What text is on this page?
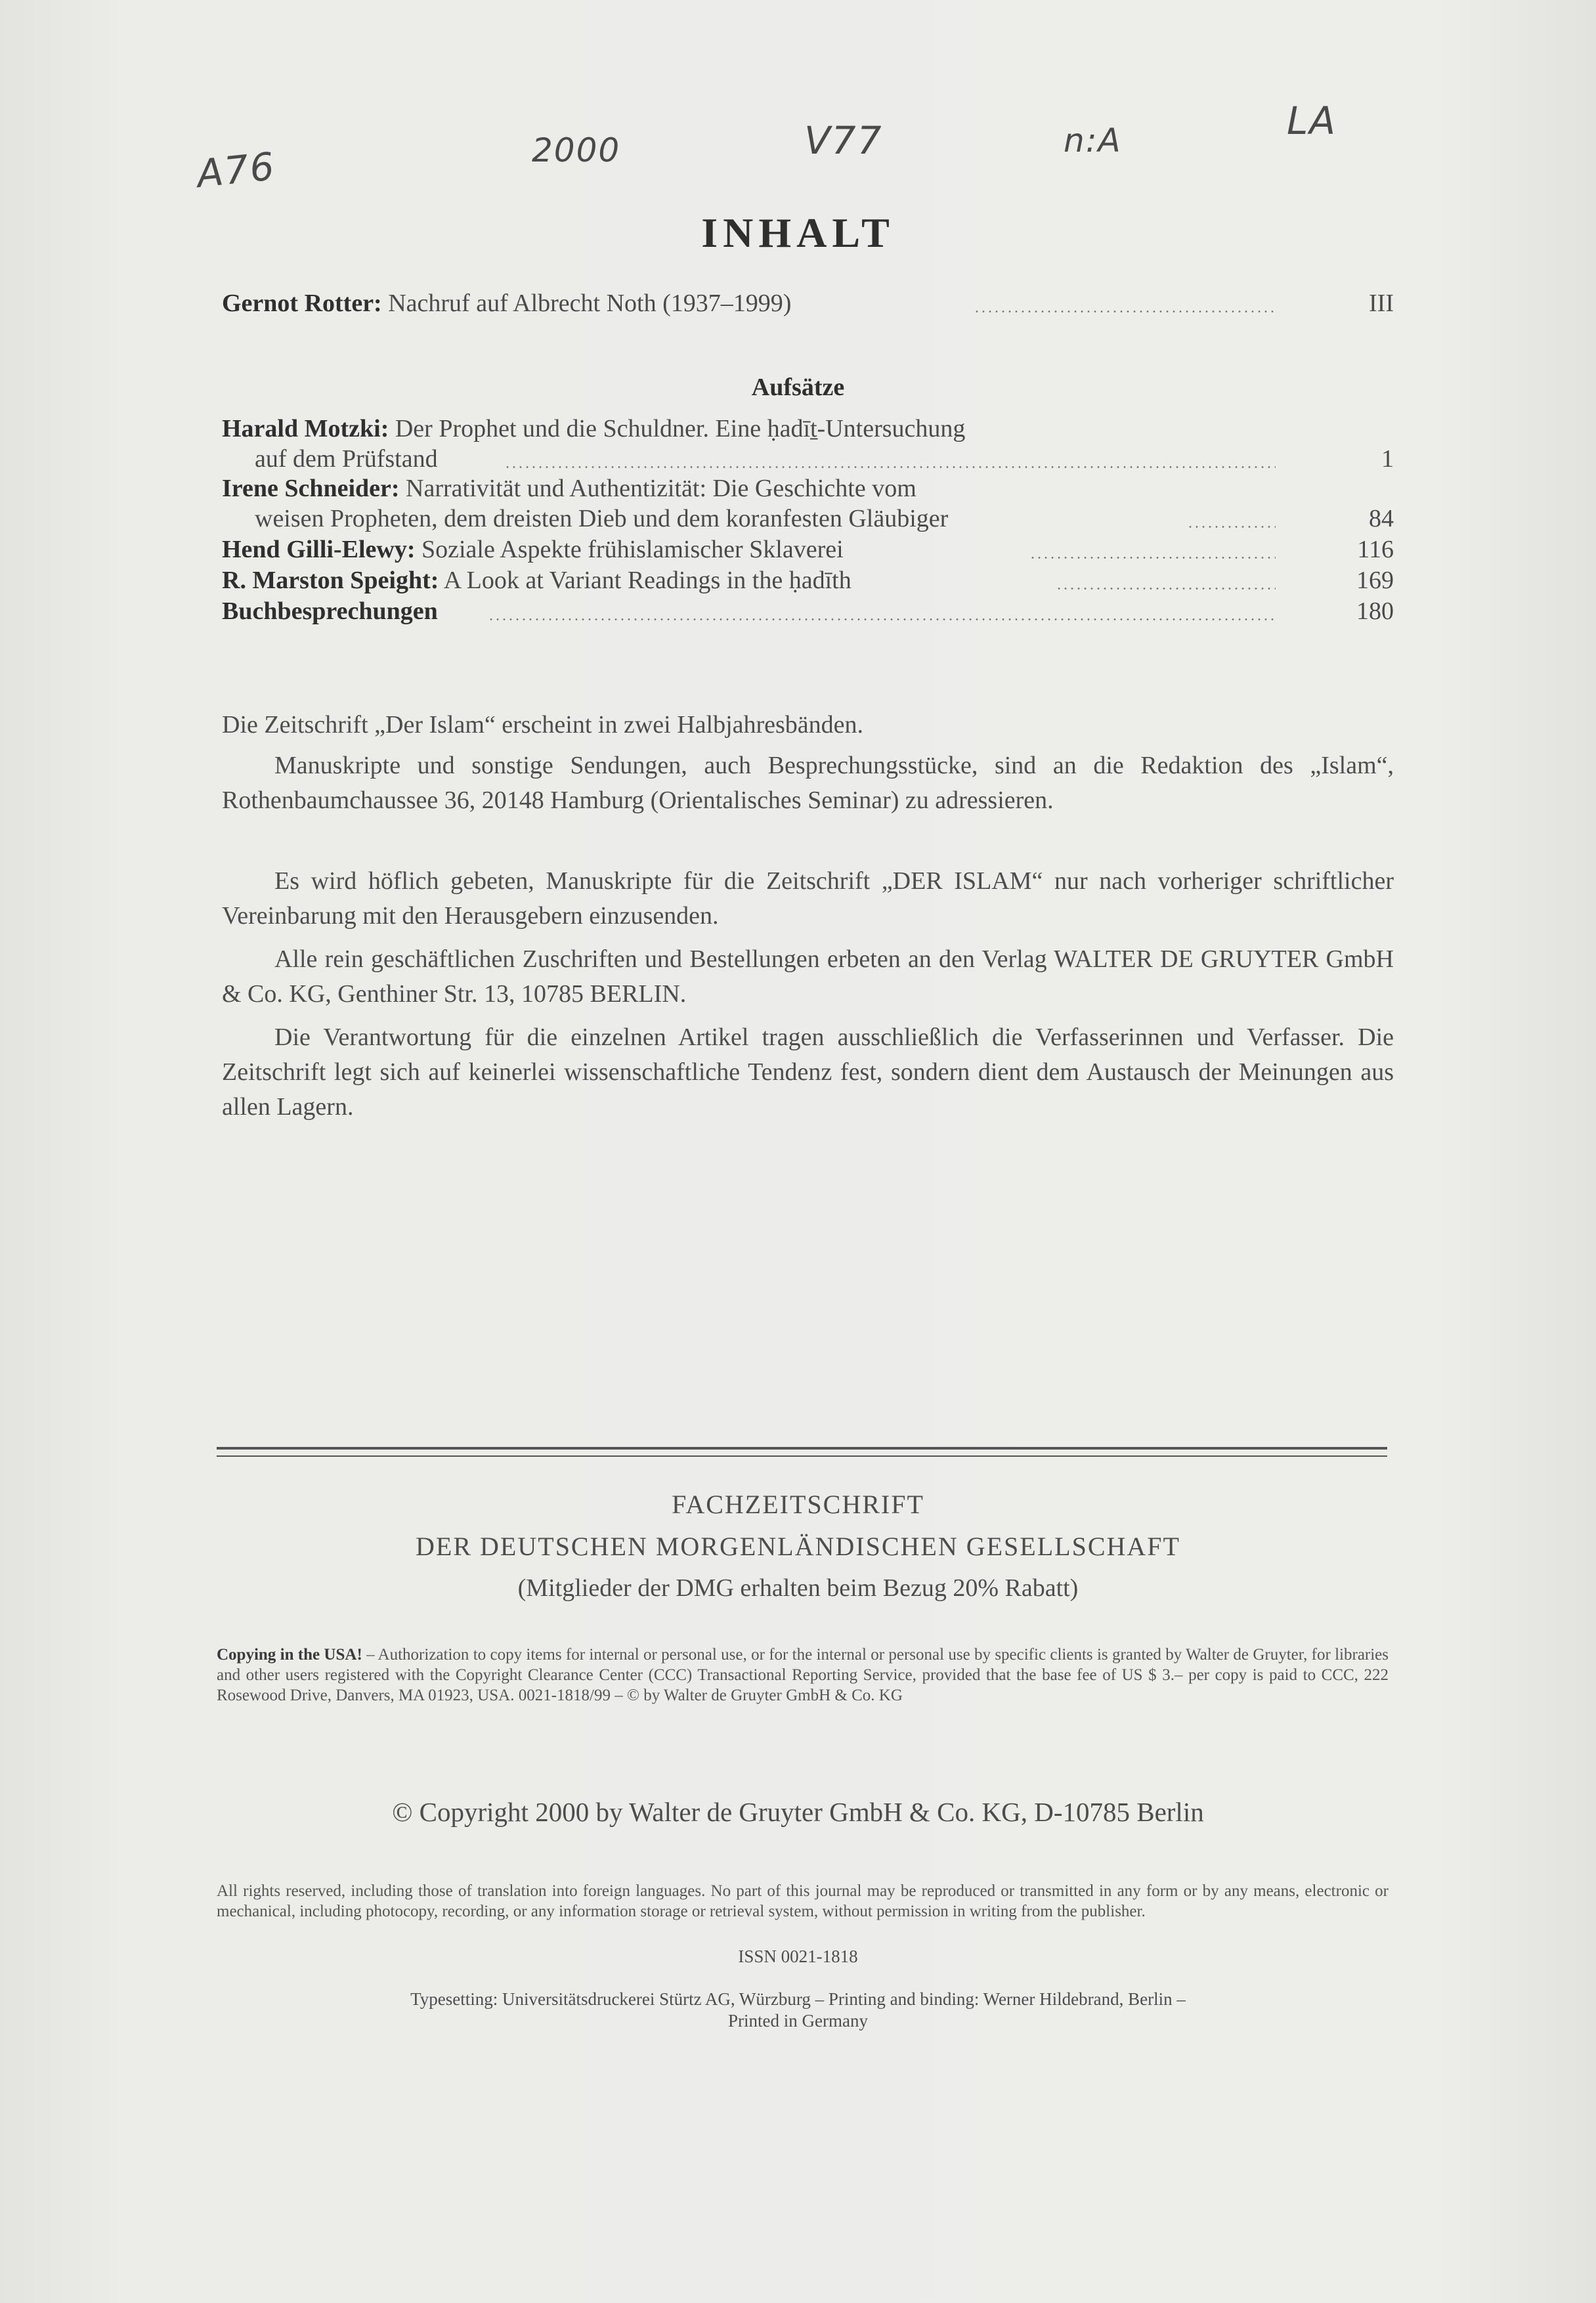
A76	2000	V77	n:A	LA
INHALT
Gernot Rotter: Nachruf auf Albrecht Noth (1937–1999)	III
Aufsätze
Harald Motzki: Der Prophet und die Schuldner. Eine ḥadīṯ-Untersuchung
auf dem Prüfstand	1
Irene Schneider: Narrativität und Authentizität: Die Geschichte vom
weisen Propheten, dem dreisten Dieb und dem koranfesten Gläubiger	84
Hend Gilli-Elewy: Soziale Aspekte frühislamischer Sklaverei	116
R. Marston Speight: A Look at Variant Readings in the ḥadīth	169
Buchbesprechungen	180
Die Zeitschrift „Der Islam“ erscheint in zwei Halbjahresbänden.
Manuskripte und sonstige Sendungen, auch Besprechungsstücke, sind an die Redaktion des „Islam“, Rothenbaumchaussee 36, 20148 Hamburg (Orientalisches Seminar) zu adressieren.
Es wird höflich gebeten, Manuskripte für die Zeitschrift „DER ISLAM“ nur nach vorheriger schriftlicher Vereinbarung mit den Herausgebern einzusenden.
Alle rein geschäftlichen Zuschriften und Bestellungen erbeten an den Verlag WALTER DE GRUYTER GmbH & Co. KG, Genthiner Str. 13, 10785 BERLIN.
Die Verantwortung für die einzelnen Artikel tragen ausschließlich die Verfasserinnen und Verfasser. Die Zeitschrift legt sich auf keinerlei wissenschaftliche Tendenz fest, sondern dient dem Austausch der Meinungen aus allen Lagern.
FACHZEITSCHRIFT
DER DEUTSCHEN MORGENLÄNDISCHEN GESELLSCHAFT
(Mitglieder der DMG erhalten beim Bezug 20% Rabatt)
Copying in the USA! – Authorization to copy items for internal or personal use, or for the internal or personal use by specific clients is granted by Walter de Gruyter, for libraries and other users registered with the Copyright Clearance Center (CCC) Transactional Reporting Service, provided that the base fee of US $ 3.– per copy is paid to CCC, 222 Rosewood Drive, Danvers, MA 01923, USA. 0021-1818/99 – © by Walter de Gruyter GmbH & Co. KG
© Copyright 2000 by Walter de Gruyter GmbH & Co. KG, D-10785 Berlin
All rights reserved, including those of translation into foreign languages. No part of this journal may be reproduced or transmitted in any form or by any means, electronic or mechanical, including photocopy, recording, or any information storage or retrieval system, without permission in writing from the publisher.
ISSN 0021-1818
Typesetting: Universitätsdruckerei Stürtz AG, Würzburg – Printing and binding: Werner Hildebrand, Berlin –
Printed in Germany
